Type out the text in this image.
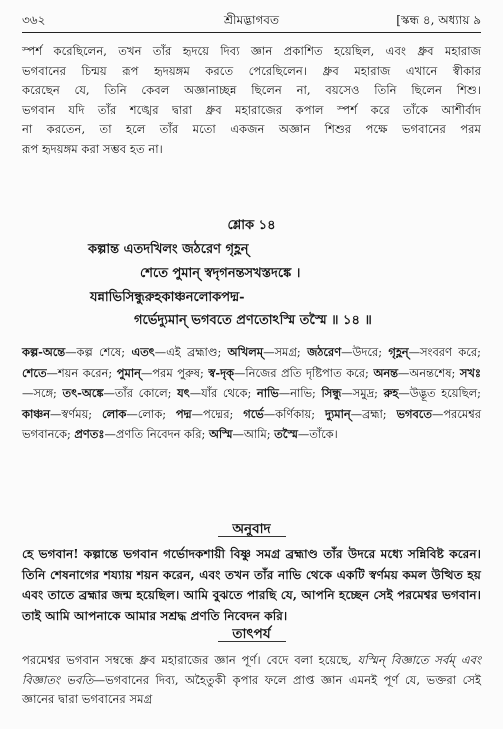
৩৬২	শ্রীমদ্ভাগবত	[স্কন্ধ ৪, অধ্যায় ৯
স্পর্শ করেছিলেন, তখন তাঁর হৃদয়ে দিব্য জ্ঞান প্রকাশিত হয়েছিল, এবং ধ্রুব মহারাজ
ভগবানের চিন্ময় রূপ হৃদয়ঙ্গম করতে পেরেছিলেন। ধ্রুব মহারাজ এখানে স্বীকার
করেছেন যে, তিনি কেবল অজ্ঞানাচ্ছন্ন ছিলেন না, বয়সেও তিনি ছিলেন শিশু।
ভগবান যদি তাঁর শঙ্খের দ্বারা ধ্রুব মহারাজের কপাল স্পর্শ করে তাঁকে আশীর্বাদ
না করতেন, তা হলে তাঁর মতো একজন অজ্ঞান শিশুর পক্ষে ভগবানের পরম
রূপ হৃদয়ঙ্গম করা সম্ভব হত না।
শ্লোক ১৪
কল্পান্ত এতদখিলং জঠরেণ গৃহ্ণন্
শেতে পুমান্ স্বদৃগনন্তসখস্তদঙ্কে ।
যন্নাভিসিন্ধুরুহকাঞ্চনলোকপদ্ম-
গর্ভেদ্যুমান্ ভগবতে প্রণতোঽস্মি তস্মৈ ॥ ১৪ ॥
কল্প-অন্তে—কল্প শেষে; এতৎ—এই ব্রহ্মাণ্ড; অখিলম্—সমগ্র; জঠরেণ—উদরে; গৃহ্ণন্—সংবরণ করে; শেতে—শয়ন করেন; পুমান্—পরম পুরুষ; স্ব-দৃক্—নিজের প্রতি দৃষ্টিপাত করে; অনন্ত—অনন্তশেষ; সখঃ—সঙ্গে; তৎ-অঙ্কে—তাঁর কোলে; যৎ—যাঁর থেকে; নাভি—নাভি; সিন্ধু—সমুদ্র; রুহ—উদ্ভূত হয়েছিল; কাঞ্চন—স্বর্ণময়; লোক—লোক; পদ্ম—পদ্মের; গর্ভে—কর্ণিকায়; দ্যুমান্—ব্রহ্মা; ভগবতে—পরমেশ্বর ভগবানকে; প্রণতঃ—প্রণতি নিবেদন করি; অস্মি—আমি; তস্মৈ—তাঁকে।
অনুবাদ
হে ভগবান! কল্পান্তে ভগবান গর্ভোদকশায়ী বিষ্ণু সমগ্র ব্রহ্মাণ্ড তাঁর উদরে মধ্যে সন্নিবিষ্ট করেন। তিনি শেষনাগের শয্যায় শয়ন করেন, এবং তখন তাঁর নাভি থেকে একটি স্বর্ণময় কমল উত্থিত হয় এবং তাতে ব্রহ্মার জন্ম হয়েছিল। আমি বুঝতে পারছি যে, আপনি হচ্ছেন সেই পরমেশ্বর ভগবান। তাই আমি আপনাকে আমার সশ্রদ্ধ প্রণতি নিবেদন করি।
তাৎপর্য
পরমেশ্বর ভগবান সম্বন্ধে ধ্রুব মহারাজের জ্ঞান পূর্ণ। বেদে বলা হয়েছে, যস্মিন্ বিজ্ঞাতে সর্বম্ এবং বিজ্ঞাতং ভবতি—ভগবানের দিব্য, অহৈতুকী কৃপার ফলে প্রাপ্ত জ্ঞান এমনই পূর্ণ যে, ভক্তরা সেই জ্ঞানের দ্বারা ভগবানের সমগ্র
